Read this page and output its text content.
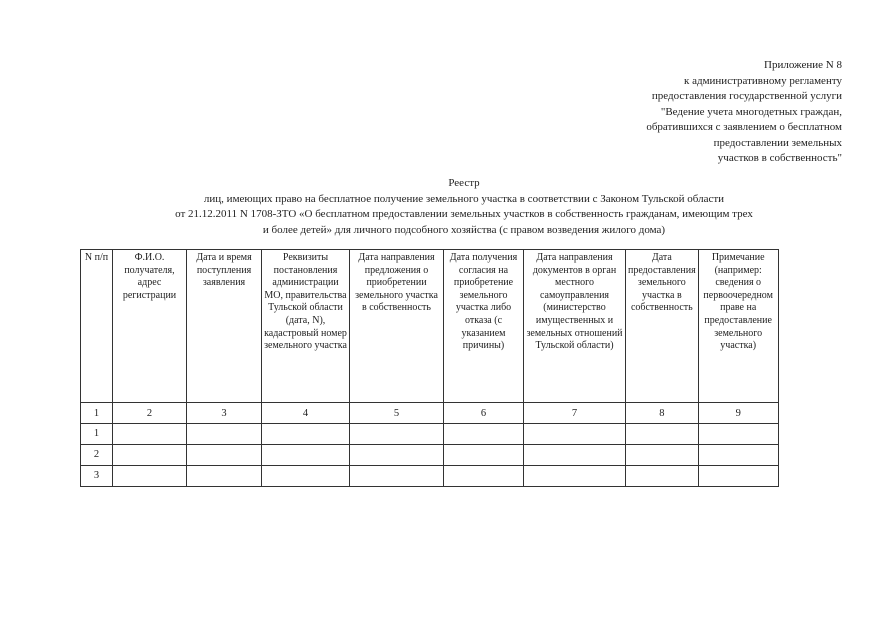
Приложение N 8
к административному регламенту
предоставления государственной услуги
"Ведение учета многодетных граждан,
обратившихся с заявлением о бесплатном
предоставлении земельных
участков в собственность"
Реестр
лиц, имеющих право на бесплатное получение земельного участка в соответствии с Законом Тульской области
от 21.12.2011 N 1708-ЗТО «О бесплатном предоставлении земельных участков в собственность гражданам, имеющим трех
и более детей» для личного подсобного хозяйства (с правом возведения жилого дома)
N п/п	Ф.И.О. получателя, адрес регистрации	Дата и время поступления заявления	Реквизиты постановления администрации МО, правительства Тульской области (дата, N), кадастровый номер земельного участка	Дата направления предложения о приобретении земельного участка в собственность	Дата получения согласия на приобретение земельного участка либо отказа (с указанием причины)	Дата направления документов в орган местного самоуправления (министерство имущественных и земельных отношений Тульской области)	Дата предоставления земельного участка в собственность	Примечание (например: сведения о первоочередном праве на предоставление земельного участка)
1	2	3	4	5	6	7	8	9
1								
2								
3								
